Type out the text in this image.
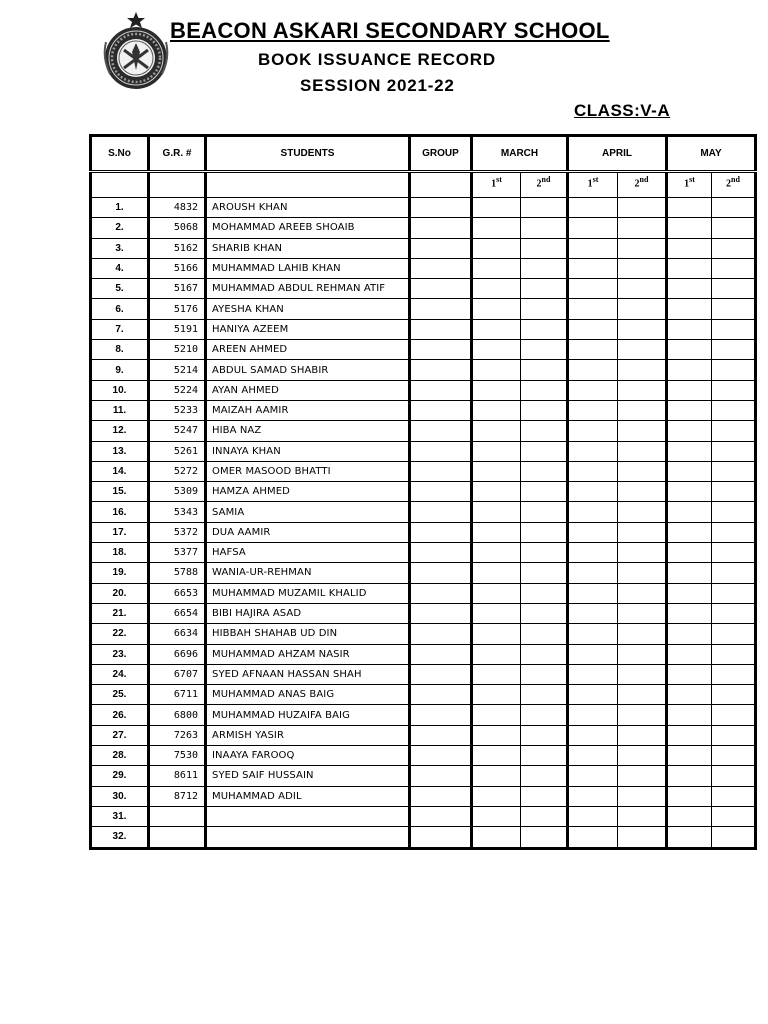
BEACON ASKARI SECONDARY SCHOOL
BOOK ISSUANCE RECORD
SESSION 2021-22
CLASS:V-A
S.No	G.R. #	STUDENTS	GROUP	MARCH		APRIL		MAY	
				1st	2nd	1st	2nd	1st	2nd
1.	4832	AROUSH KHAN							
2.	5068	MOHAMMAD AREEB SHOAIB							
3.	5162	SHARIB KHAN							
4.	5166	MUHAMMAD LAHIB KHAN							
5.	5167	MUHAMMAD ABDUL REHMAN ATIF							
6.	5176	AYESHA KHAN							
7.	5191	HANIYA AZEEM							
8.	5210	AREEN AHMED							
9.	5214	ABDUL SAMAD SHABIR							
10.	5224	AYAN AHMED							
11.	5233	MAIZAH AAMIR							
12.	5247	HIBA NAZ							
13.	5261	INNAYA KHAN							
14.	5272	OMER MASOOD BHATTI							
15.	5309	HAMZA AHMED							
16.	5343	SAMIA							
17.	5372	DUA AAMIR							
18.	5377	HAFSA							
19.	5788	WANIA-UR-REHMAN							
20.	6653	MUHAMMAD MUZAMIL KHALID							
21.	6654	BIBI HAJIRA ASAD							
22.	6634	HIBBAH SHAHAB UD DIN							
23.	6696	MUHAMMAD AHZAM NASIR							
24.	6707	SYED AFNAAN HASSAN SHAH							
25.	6711	MUHAMMAD ANAS BAIG							
26.	6800	MUHAMMAD HUZAIFA BAIG							
27.	7263	ARMISH YASIR							
28.	7530	INAAYA FAROOQ							
29.	8611	SYED SAIF HUSSAIN							
30.	8712	MUHAMMAD ADIL							
31.									
32.									
